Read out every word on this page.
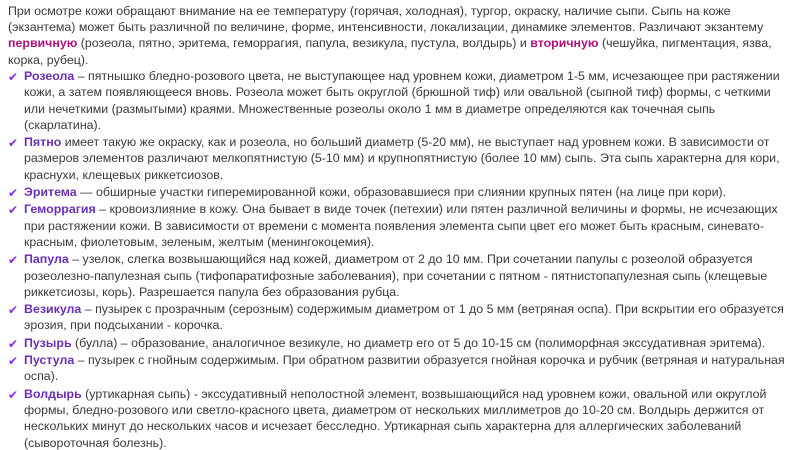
При осмотре кожи обращают внимание на ее температуру (горячая, холодная), тургор, окраску, наличие сыпи. Сыпь на коже (экзантема) может быть различной по величине, форме, интенсивности, локализации, динамике элементов. Различают экзантему первичную (розеола, пятно, эритема, геморрагия, папула, везикула, пустула, волдырь) и вторичную (чешуйка, пигментация, язва, корка, рубец).

✔ Розеола – пятнышко бледно-розового цвета, не выступающее над уровнем кожи, диаметром 1-5 мм, исчезающее при растяжении кожи, а затем появляющееся вновь. Розеола может быть округлой (брюшной тиф) или овальной (сыпной тиф) формы, с четкими или нечеткими (размытыми) краями. Множественные розеолы около 1 мм в диаметре определяются как точечная сыпь (скарлатина).
✔ Пятно имеет такую же окраску, как и розеола, но больший диаметр (5-20 мм), не выступает над уровнем кожи. В зависимости от размеров элементов различают мелкопятнистую (5-10 мм) и крупнопятнистую (более 10 мм) сыпь. Эта сыпь характерна для кори, краснухи, клещевых риккетсиозов.
✔ Эритема — обширные участки гиперемированной кожи, образовавшиеся при слиянии крупных пятен (на лице при кори).
✔ Геморрагия – кровоизлияние в кожу. Она бывает в виде точек (петехии) или пятен различной величины и формы, не исчезающих при растяжении кожи. В зависимости от времени с момента появления элемента сыпи цвет его может быть красным, синевато-красным, фиолетовым, зеленым, желтым (менингокоцемия).
✔ Папула – узелок, слегка возвышающийся над кожей, диаметром от 2 до 10 мм. При сочетании папулы с розеолой образуется розеолезно-папулезная сыпь (тифопаратифозные заболевания), при сочетании с пятном - пятнистопапулезная сыпь (клещевые риккетсиозы, корь). Разрешается папула без образования рубца.
✔ Везикула – пузырек с прозрачным (серозным) содержимым диаметром от 1 до 5 мм (ветряная оспа). При вскрытии его образуется эрозия, при подсыхании - корочка.
✔ Пузырь (булла) – образование, аналогичное везикуле, но диаметр его от 5 до 10-15 см (полиморфная экссудативная эритема).
✔ Пустула – пузырек с гнойным содержимым. При обратном развитии образуется гнойная корочка и рубчик (ветряная и натуральная оспа).
✔ Волдырь (уртикарная сыпь) - экссудативный неполостной элемент, возвышающийся над уровнем кожи, овальной или округлой формы, бледно-розового или светло-красного цвета, диаметром от нескольких миллиметров до 10-20 см. Волдырь держится от нескольких минут до нескольких часов и исчезает бесследно. Уртикарная сыпь характерна для аллергических заболеваний (сывороточная болезнь).
